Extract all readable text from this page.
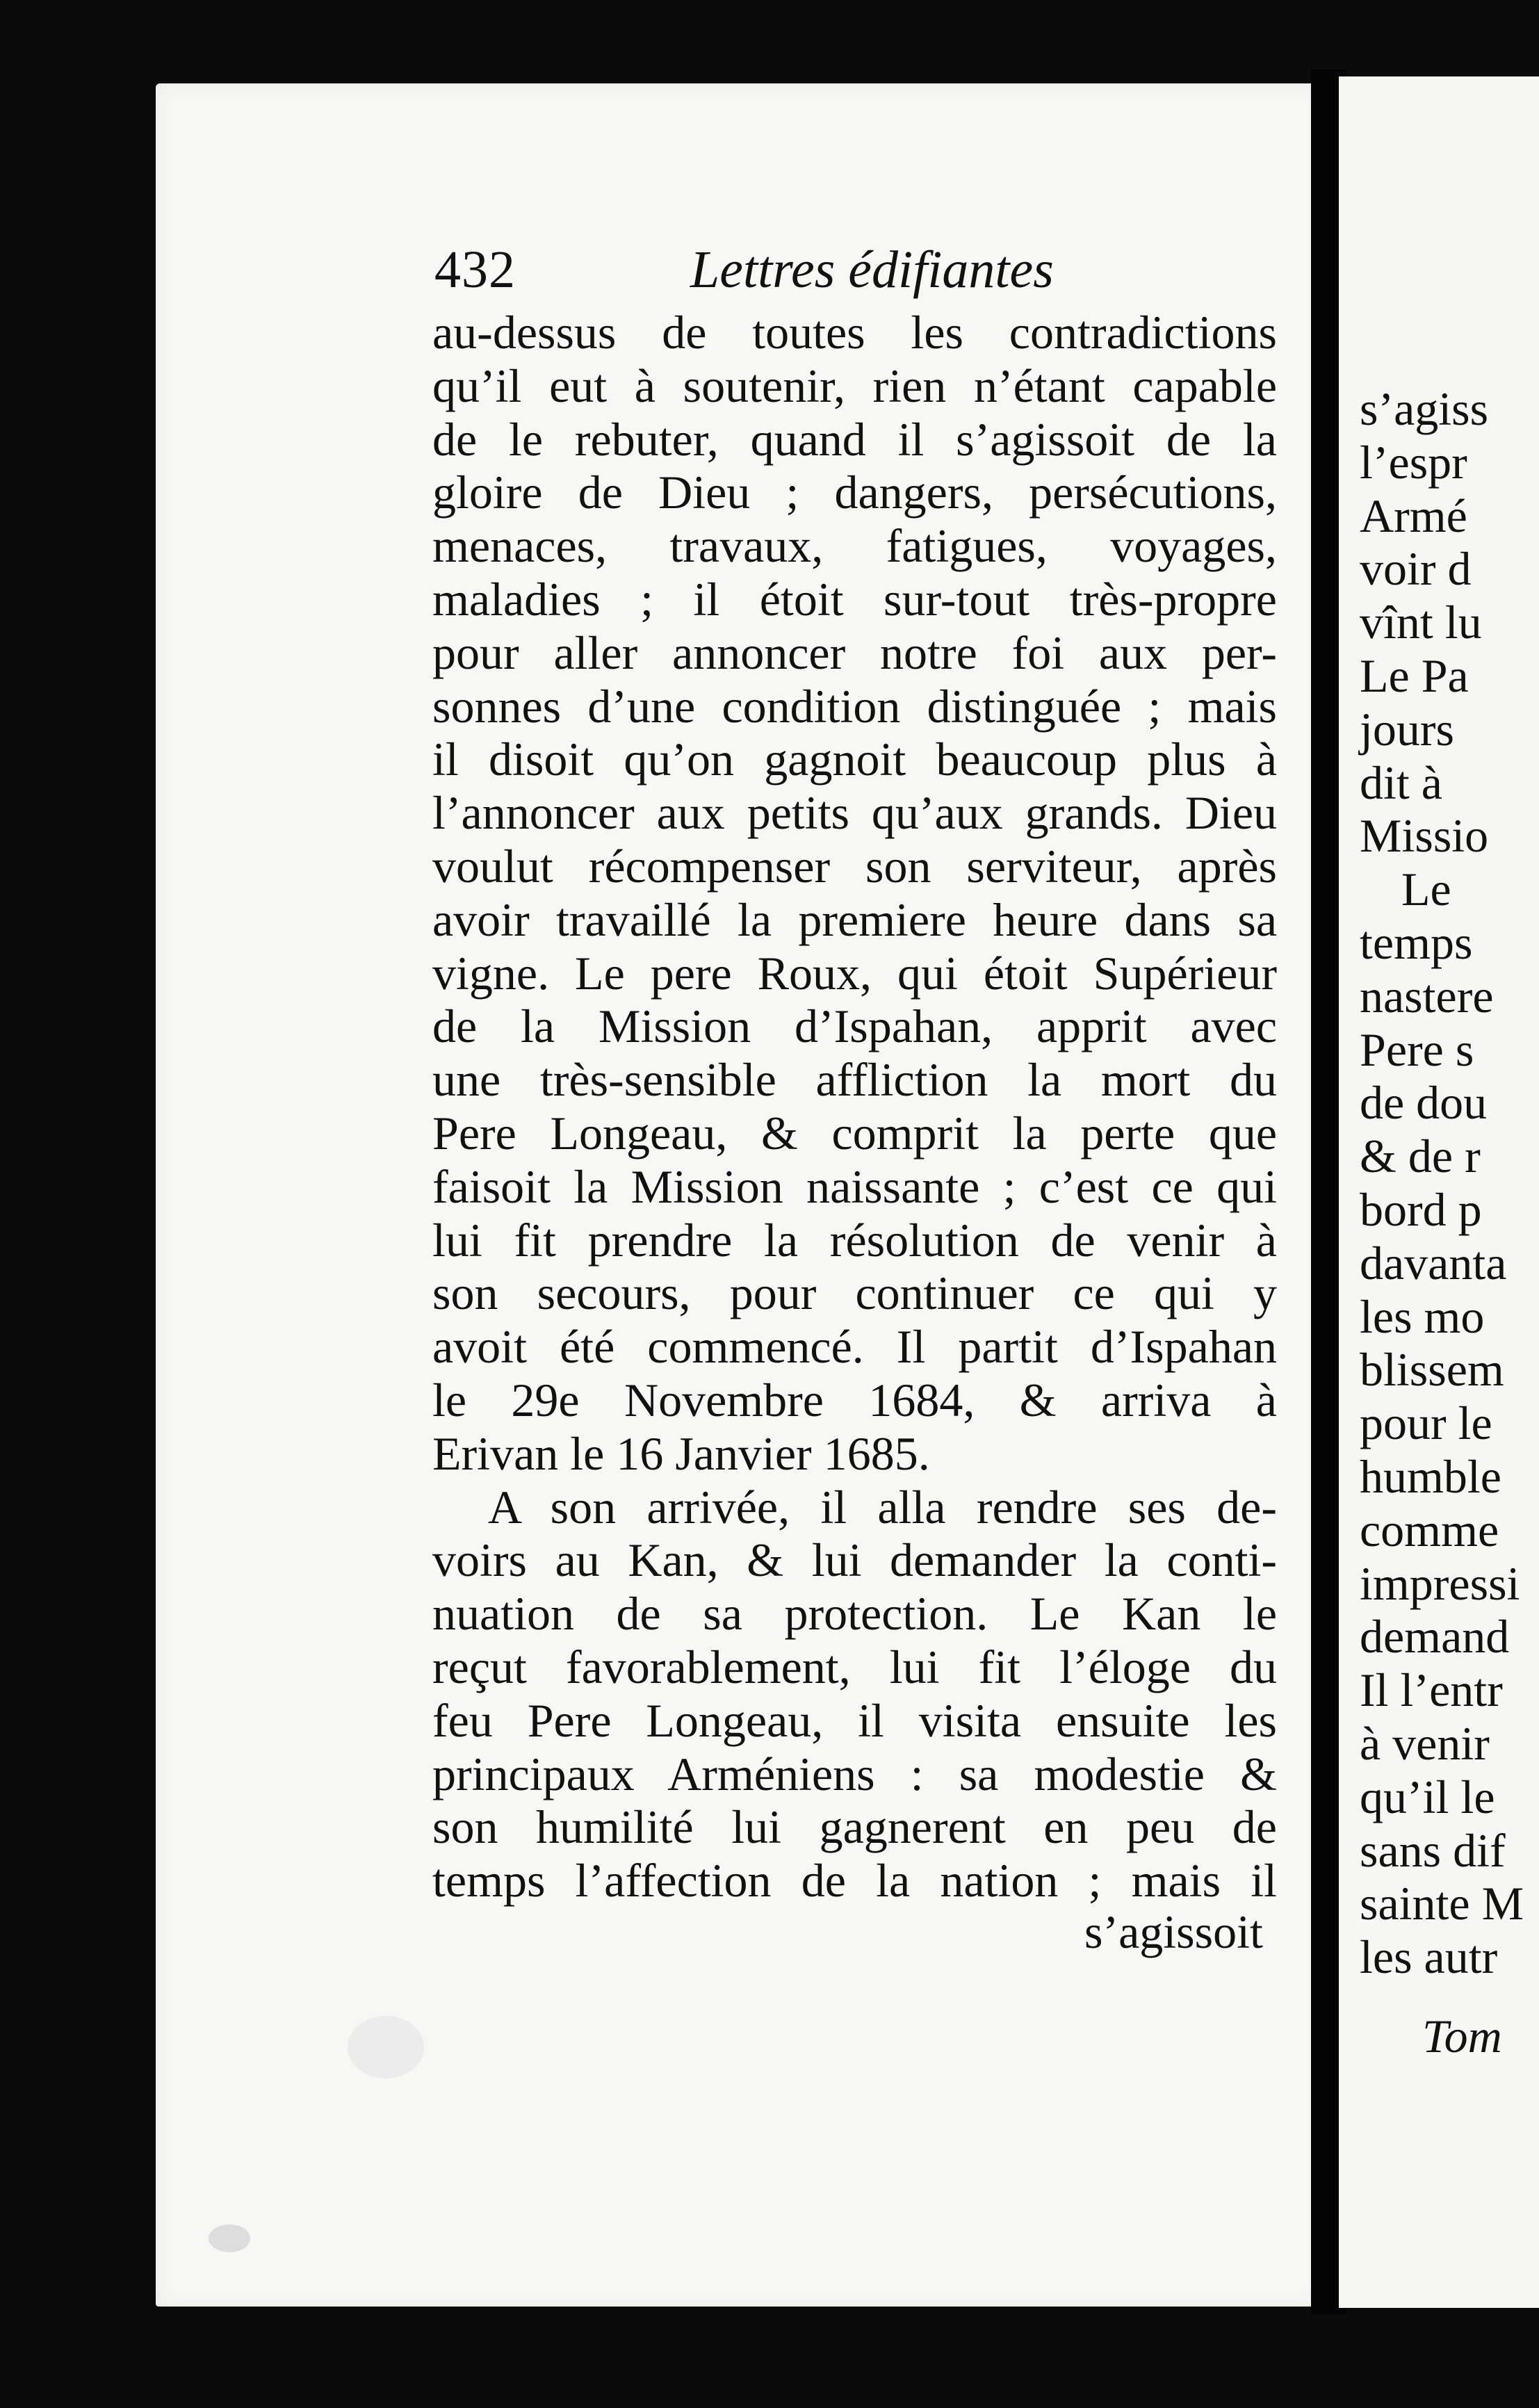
s’agiss
l’espr
Armé
voir d
vînt lu
Le Pa
jours
dit à
Missio
Le
temps
nastere
Pere s
de dou
& de r
bord p
davanta
les mo
blissem
pour le
humble
comme
impressi
demand
Il l’entr
à venir
qu’il le
sans dif
sainte M
les autr
Tom
432	Lettres édifiantes
au-dessus de toutes les contradictions
qu’il eut à soutenir, rien n’étant capable
de le rebuter, quand il s’agissoit de la
gloire de Dieu ; dangers, persécutions,
menaces, travaux, fatigues, voyages,
maladies ; il étoit sur-tout très-propre
pour aller annoncer notre foi aux per-
sonnes d’une condition distinguée ; mais
il disoit qu’on gagnoit beaucoup plus à
l’annoncer aux petits qu’aux grands. Dieu
voulut récompenser son serviteur, après
avoir travaillé la premiere heure dans sa
vigne. Le pere Roux, qui étoit Supérieur
de la Mission d’Ispahan, apprit avec
une très-sensible affliction la mort du
Pere Longeau, & comprit la perte que
faisoit la Mission naissante ; c’est ce qui
lui fit prendre la résolution de venir à
son secours, pour continuer ce qui y
avoit été commencé. Il partit d’Ispahan
le 29e Novembre 1684, & arriva à
Erivan le 16 Janvier 1685.
A son arrivée, il alla rendre ses de-
voirs au Kan, & lui demander la conti-
nuation de sa protection. Le Kan le
reçut favorablement, lui fit l’éloge du
feu Pere Longeau, il visita ensuite les
principaux Arméniens : sa modestie &
son humilité lui gagnerent en peu de
temps l’affection de la nation ; mais il
s’agissoit
